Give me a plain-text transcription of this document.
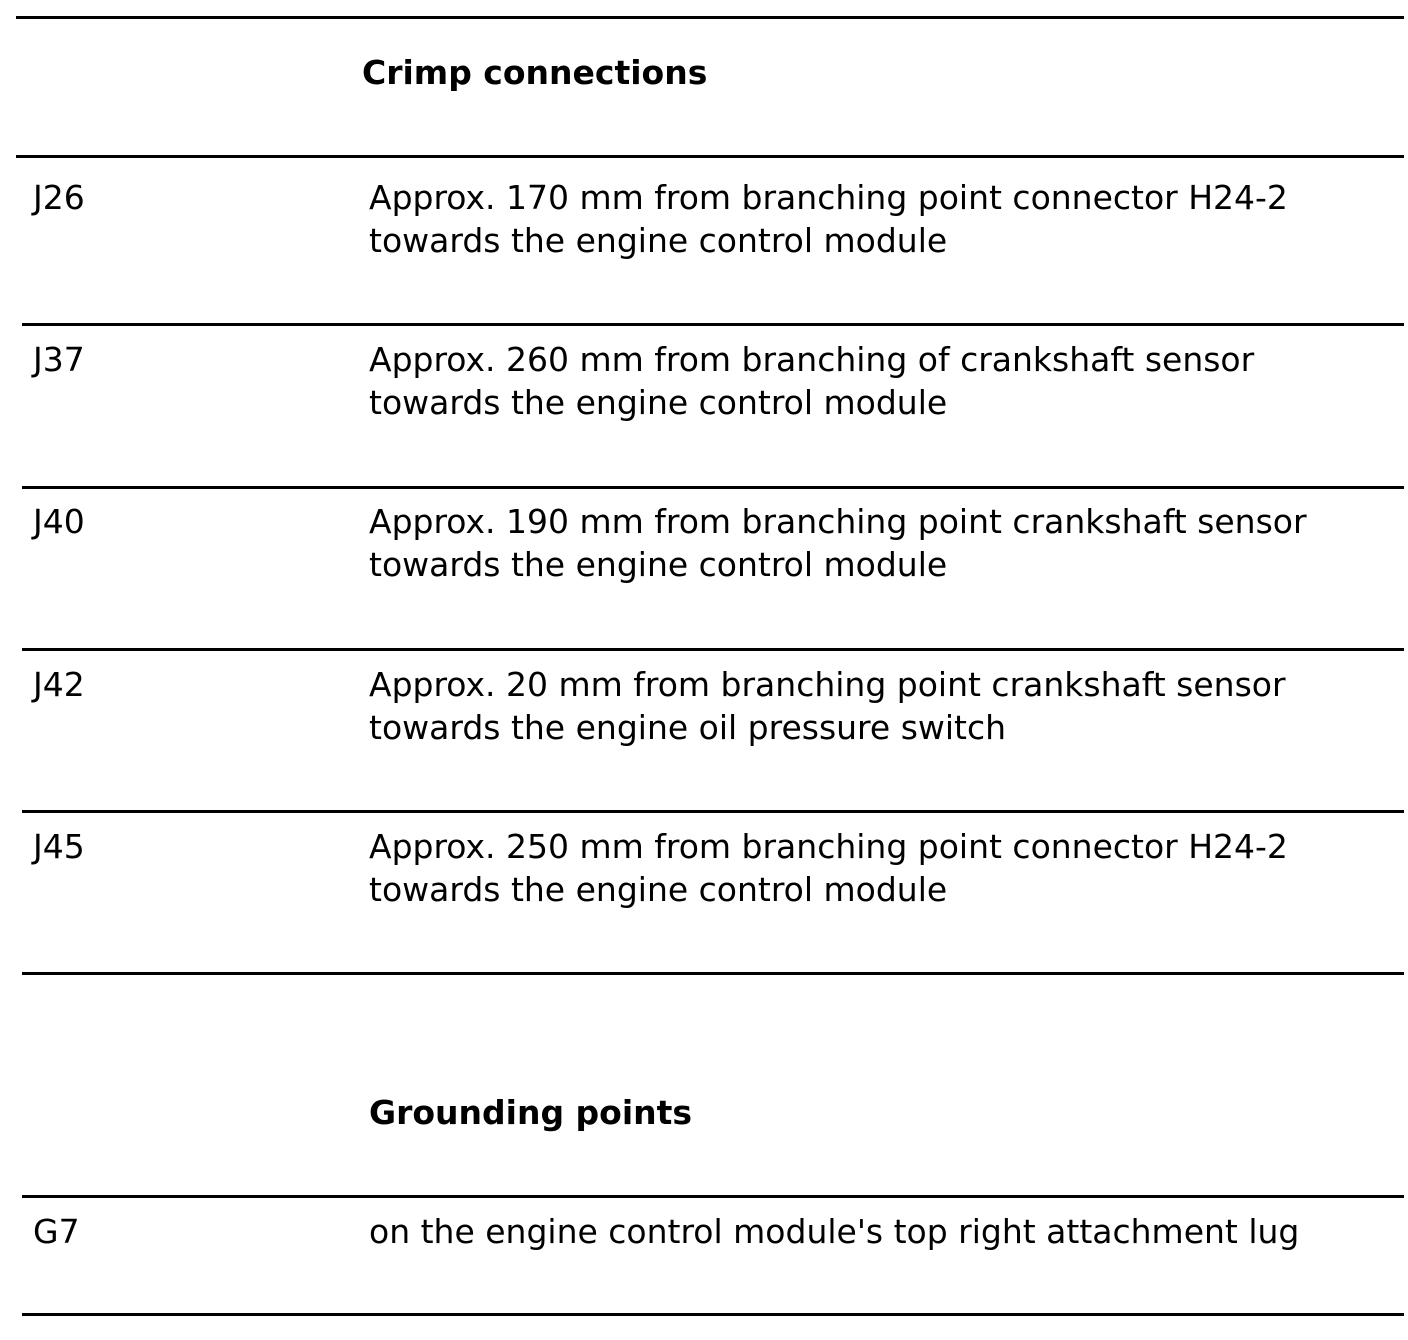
Crimp connections
J26	Approx. 170 mm from branching point connector H24-2
towards the engine control module
J37	Approx. 260 mm from branching of crankshaft sensor
towards the engine control module
J40	Approx. 190 mm from branching point crankshaft sensor
towards the engine control module
J42	Approx. 20 mm from branching point crankshaft sensor
towards the engine oil pressure switch
J45	Approx. 250 mm from branching point connector H24-2
towards the engine control module
Grounding points
G7	on the engine control module's top right attachment lug
